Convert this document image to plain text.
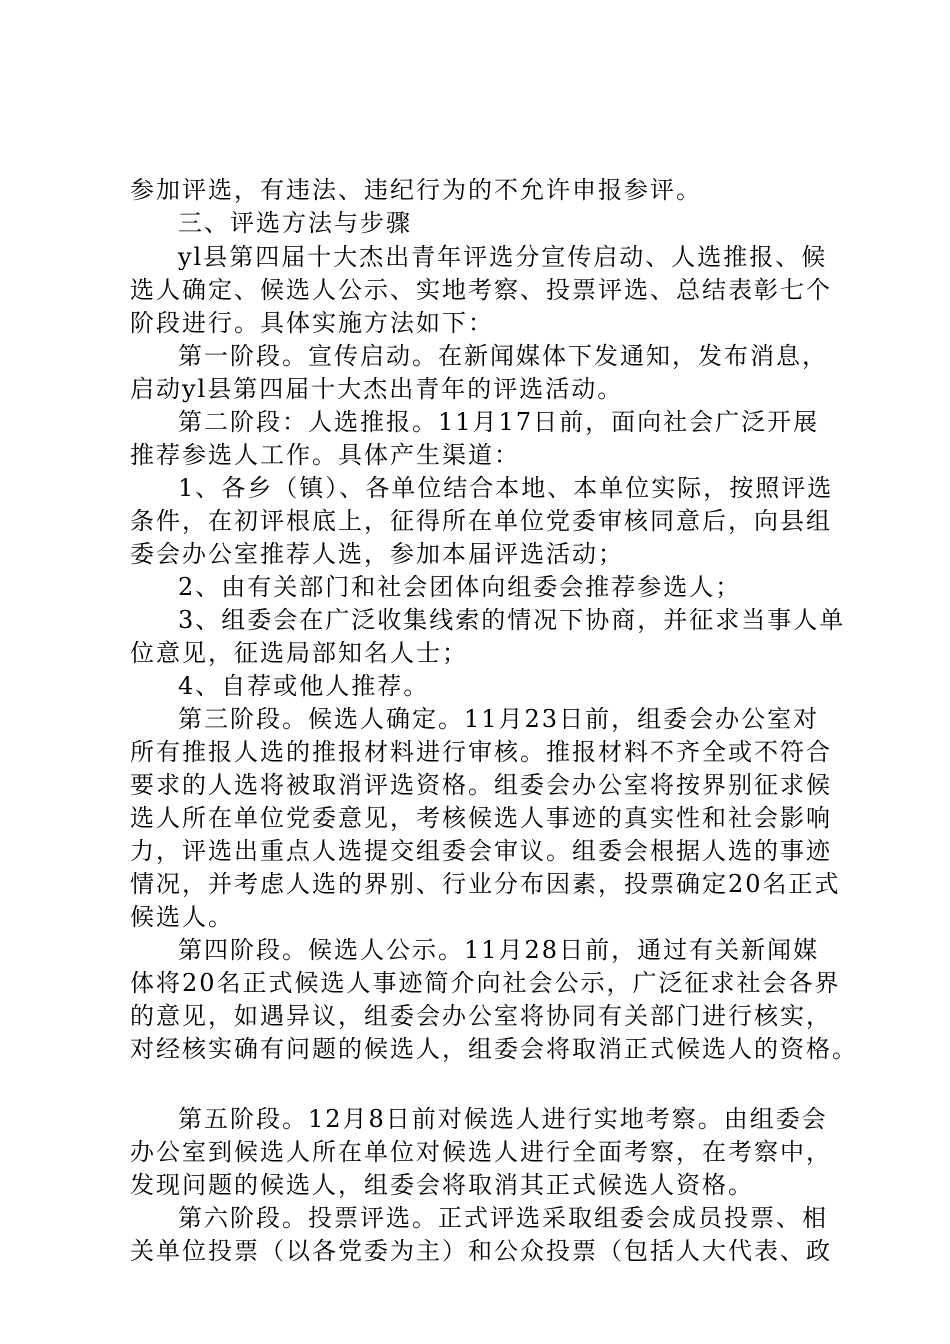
参加评选，有违法、违纪行为的不允许申报参评。
三、评选方法与步骤
yl县第四届十大杰出青年评选分宣传启动、人选推报、候
选人确定、候选人公示、实地考察、投票评选、总结表彰七个
阶段进行。具体实施方法如下：
第一阶段。宣传启动。在新闻媒体下发通知，发布消息，
启动yl县第四届十大杰出青年的评选活动。
第二阶段：人选推报。11月17日前，面向社会广泛开展
推荐参选人工作。具体产生渠道：
1、各乡（镇）、各单位结合本地、本单位实际，按照评选
条件，在初评根底上，征得所在单位党委审核同意后，向县组
委会办公室推荐人选，参加本届评选活动；
2、由有关部门和社会团体向组委会推荐参选人；
3、组委会在广泛收集线索的情况下协商，并征求当事人单
位意见，征选局部知名人士；
4、自荐或他人推荐。
第三阶段。候选人确定。11月23日前，组委会办公室对
所有推报人选的推报材料进行审核。推报材料不齐全或不符合
要求的人选将被取消评选资格。组委会办公室将按界别征求候
选人所在单位党委意见，考核候选人事迹的真实性和社会影响
力，评选出重点人选提交组委会审议。组委会根据人选的事迹
情况，并考虑人选的界别、行业分布因素，投票确定20名正式
候选人。
第四阶段。候选人公示。11月28日前，通过有关新闻媒
体将20名正式候选人事迹简介向社会公示，广泛征求社会各界
的意见，如遇异议，组委会办公室将协同有关部门进行核实，
对经核实确有问题的候选人，组委会将取消正式候选人的资格。
第五阶段。12月8日前对候选人进行实地考察。由组委会
办公室到候选人所在单位对候选人进行全面考察，在考察中，
发现问题的候选人，组委会将取消其正式候选人资格。
第六阶段。投票评选。正式评选采取组委会成员投票、相
关单位投票（以各党委为主）和公众投票（包括人大代表、政
